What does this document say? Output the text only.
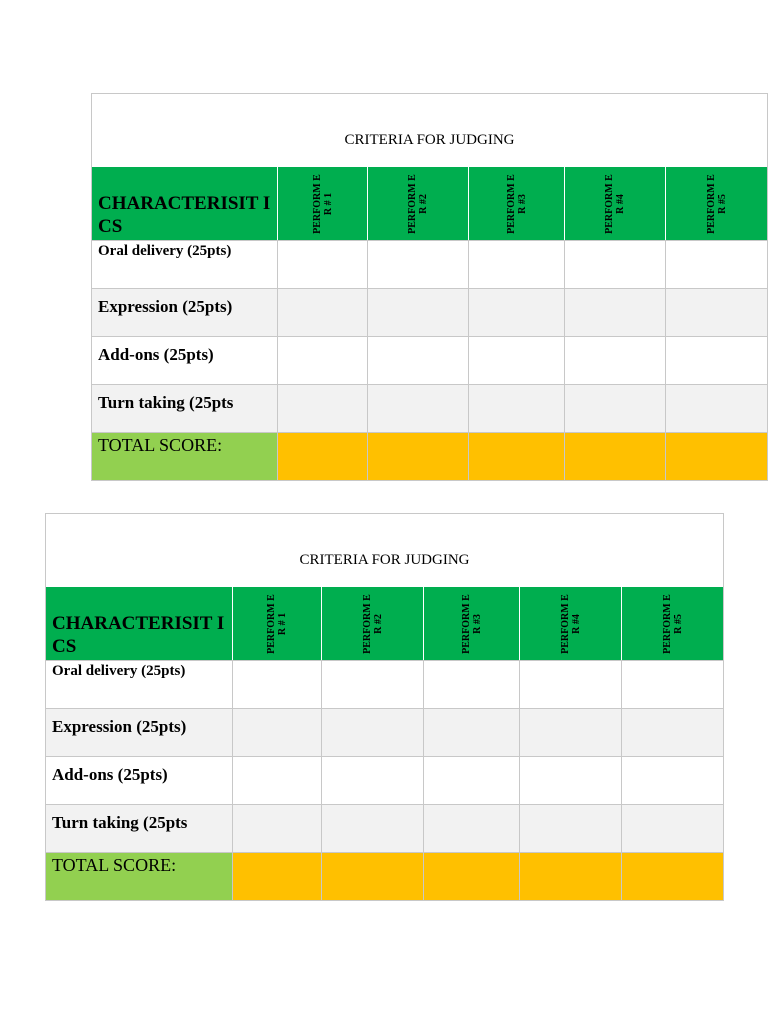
CRITERIA FOR JUDGING
CHARACTERISIT ICS	PERFORM ER # 1	PERFORM ER #2	PERFORM ER #3	PERFORM ER #4	PERFORM ER #5
Oral delivery (25pts)
Expression (25pts)
Add-ons (25pts)
Turn taking (25pts
TOTAL SCORE:
CRITERIA FOR JUDGING
CHARACTERISIT ICS	PERFORM ER # 1	PERFORM ER #2	PERFORM ER #3	PERFORM ER #4	PERFORM ER #5
Oral delivery (25pts)
Expression (25pts)
Add-ons (25pts)
Turn taking (25pts
TOTAL SCORE:
